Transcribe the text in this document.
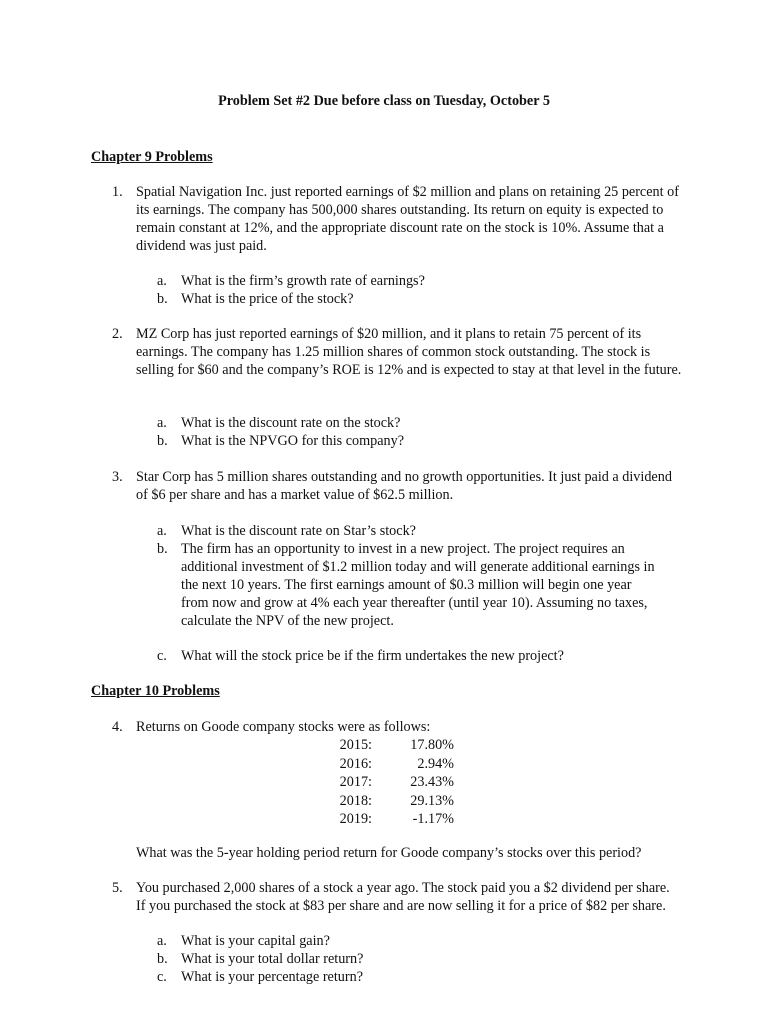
Problem Set #2 Due before class on Tuesday, October 5
Chapter 9 Problems
1. Spatial Navigation Inc. just reported earnings of $2 million and plans on retaining 25 percent of its earnings. The company has 500,000 shares outstanding. Its return on equity is expected to remain constant at 12%, and the appropriate discount rate on the stock is 10%. Assume that a dividend was just paid.
a. What is the firm’s growth rate of earnings?
b. What is the price of the stock?
2. MZ Corp has just reported earnings of $20 million, and it plans to retain 75 percent of its earnings. The company has 1.25 million shares of common stock outstanding. The stock is selling for $60 and the company’s ROE is 12% and is expected to stay at that level in the future.
a. What is the discount rate on the stock?
b. What is the NPVGO for this company?
3. Star Corp has 5 million shares outstanding and no growth opportunities. It just paid a dividend of $6 per share and has a market value of $62.5 million.
a. What is the discount rate on Star’s stock?
b. The firm has an opportunity to invest in a new project. The project requires an additional investment of $1.2 million today and will generate additional earnings in the next 10 years. The first earnings amount of $0.3 million will begin one year from now and grow at 4% each year thereafter (until year 10). Assuming no taxes, calculate the NPV of the new project.
c. What will the stock price be if the firm undertakes the new project?
Chapter 10 Problems
4. Returns on Goode company stocks were as follows:
2015:	17.80%
2016:	2.94%
2017:	23.43%
2018:	29.13%
2019:	-1.17%
What was the 5-year holding period return for Goode company’s stocks over this period?
5. You purchased 2,000 shares of a stock a year ago. The stock paid you a $2 dividend per share. If you purchased the stock at $83 per share and are now selling it for a price of $82 per share.
a. What is your capital gain?
b. What is your total dollar return?
c. What is your percentage return?
